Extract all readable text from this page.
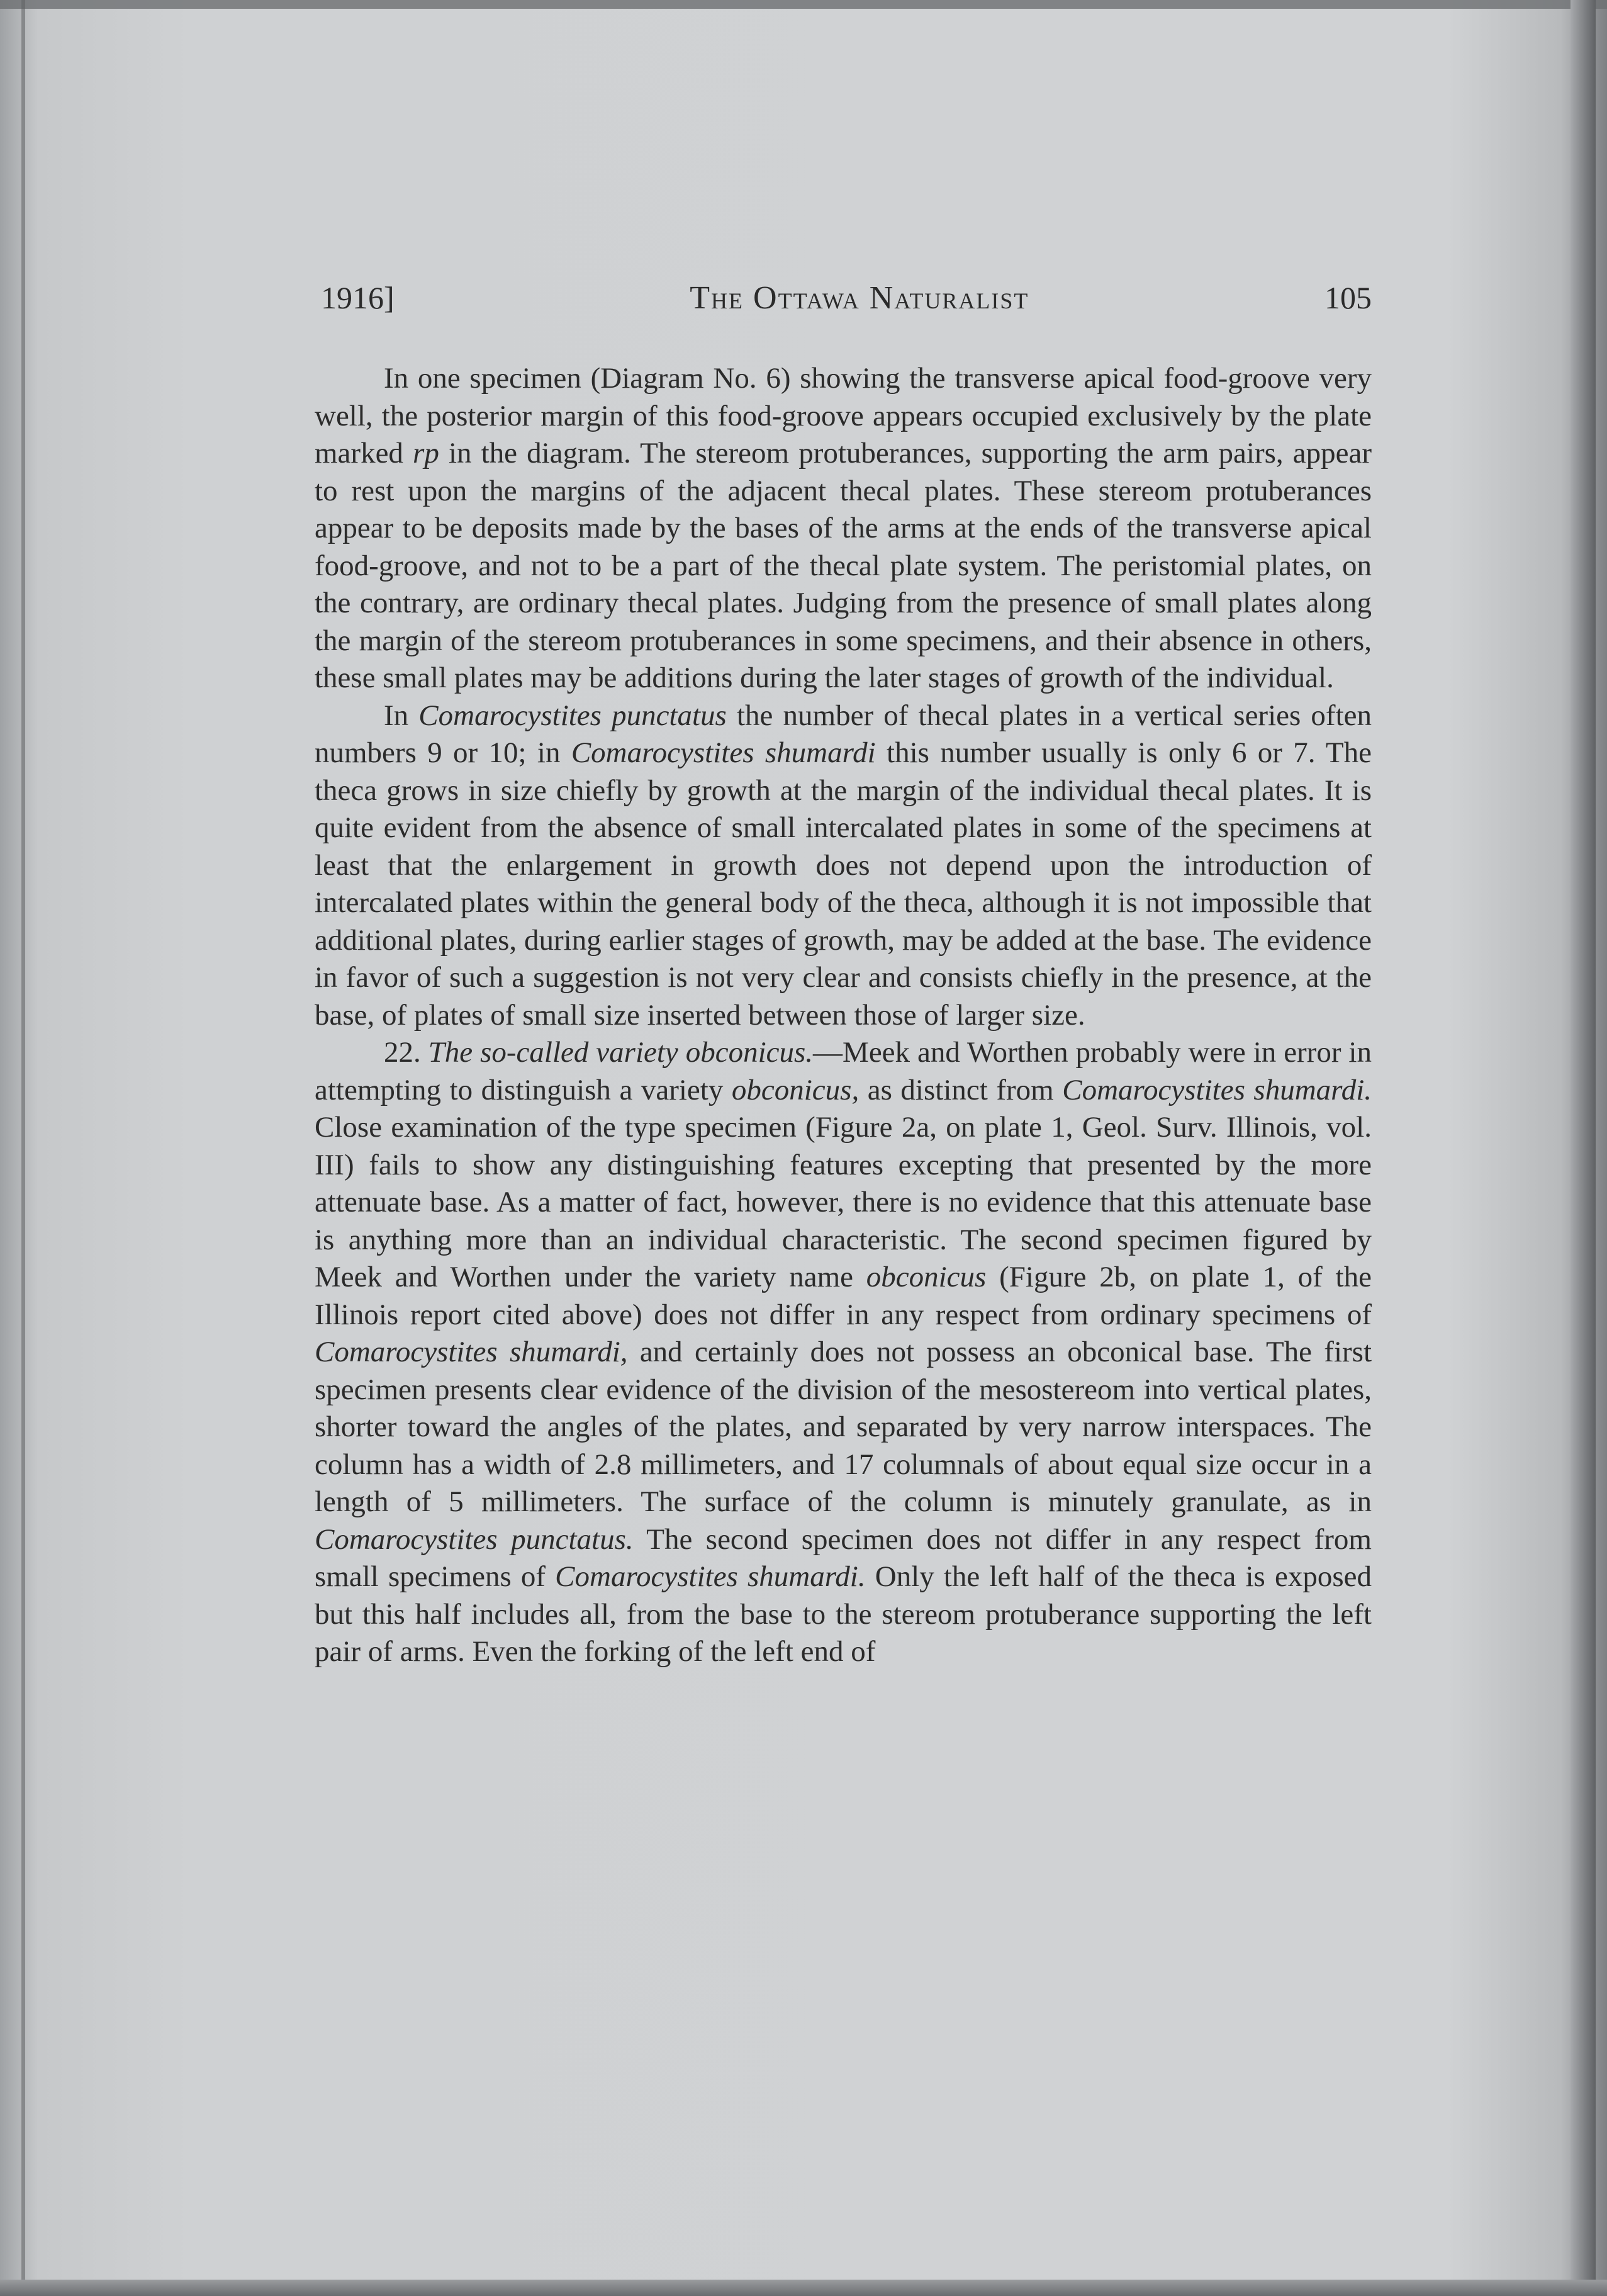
1916]	The Ottawa Naturalist	105

In one specimen (Diagram No. 6) showing the transverse apical food-groove very well, the posterior margin of this food-groove appears occupied exclusively by the plate marked rp in the diagram. The stereom protuberances, supporting the arm pairs, appear to rest upon the margins of the adjacent thecal plates. These stereom protuberances appear to be deposits made by the bases of the arms at the ends of the transverse apical food-groove, and not to be a part of the thecal plate system. The peristomial plates, on the contrary, are ordinary thecal plates. Judging from the presence of small plates along the margin of the stereom protuberances in some specimens, and their absence in others, these small plates may be additions during the later stages of growth of the individual.

In Comarocystites punctatus the number of thecal plates in a vertical series often numbers 9 or 10; in Comarocystites shumardi this number usually is only 6 or 7. The theca grows in size chiefly by growth at the margin of the individual thecal plates. It is quite evident from the absence of small intercalated plates in some of the specimens at least that the enlargement in growth does not depend upon the introduction of intercalated plates within the general body of the theca, although it is not impossible that additional plates, during earlier stages of growth, may be added at the base. The evidence in favor of such a suggestion is not very clear and consists chiefly in the presence, at the base, of plates of small size inserted between those of larger size.

22. The so-called variety obconicus.—Meek and Worthen probably were in error in attempting to distinguish a variety obconicus, as distinct from Comarocystites shumardi. Close examination of the type specimen (Figure 2a, on plate 1, Geol. Surv. Illinois, vol. III) fails to show any distinguishing features excepting that presented by the more attenuate base. As a matter of fact, however, there is no evidence that this attenuate base is anything more than an individual characteristic. The second specimen figured by Meek and Worthen under the variety name obconicus (Figure 2b, on plate 1, of the Illinois report cited above) does not differ in any respect from ordinary specimens of Comarocystites shumardi, and certainly does not possess an obconical base. The first specimen presents clear evidence of the division of the mesostereom into vertical plates, shorter toward the angles of the plates, and separated by very narrow interspaces. The column has a width of 2.8 millimeters, and 17 columnals of about equal size occur in a length of 5 millimeters. The surface of the column is minutely granulate, as in Comarocystites punctatus. The second specimen does not differ in any respect from small specimens of Comarocystites shumardi. Only the left half of the theca is exposed but this half includes all, from the base to the stereom protuberance supporting the left pair of arms. Even the forking of the left end of
